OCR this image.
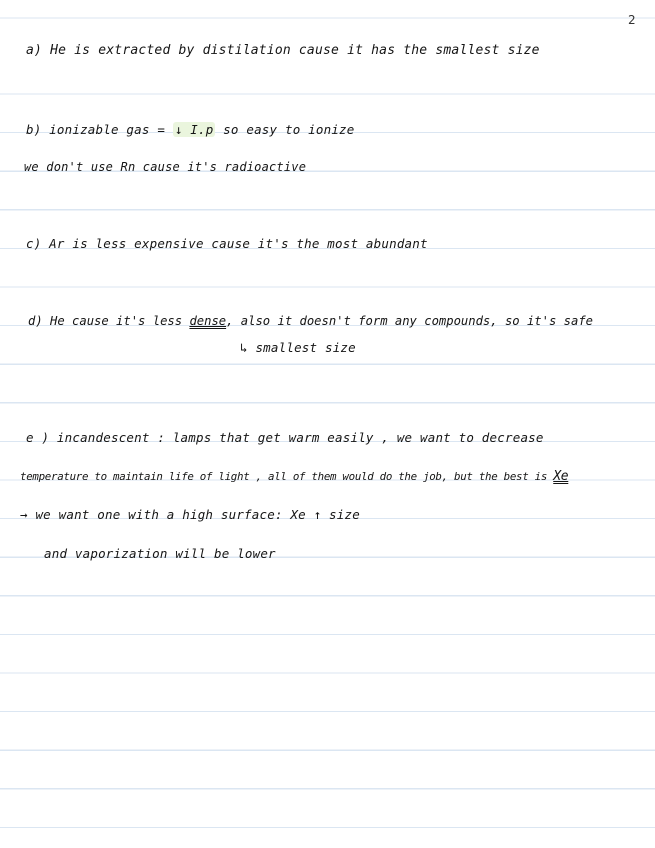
2
a) He is extracted by distilation cause it has the smallest size
b) ionizable gas = ↓ I.p so easy to ionize
we don't use Rn cause it's radioactive
c) Ar is less expensive cause it's the most abundant
d) He cause it's less dense, also it doesn't form any compounds, so it's safe
↳ smallest size
e ) incandescent : lamps that get warm easily , we want to decrease
temperature to maintain life of light , all of them would do the job, but the best is Xe
→ we want one with a high surface: Xe ↑ size
and vaporization will be lower
